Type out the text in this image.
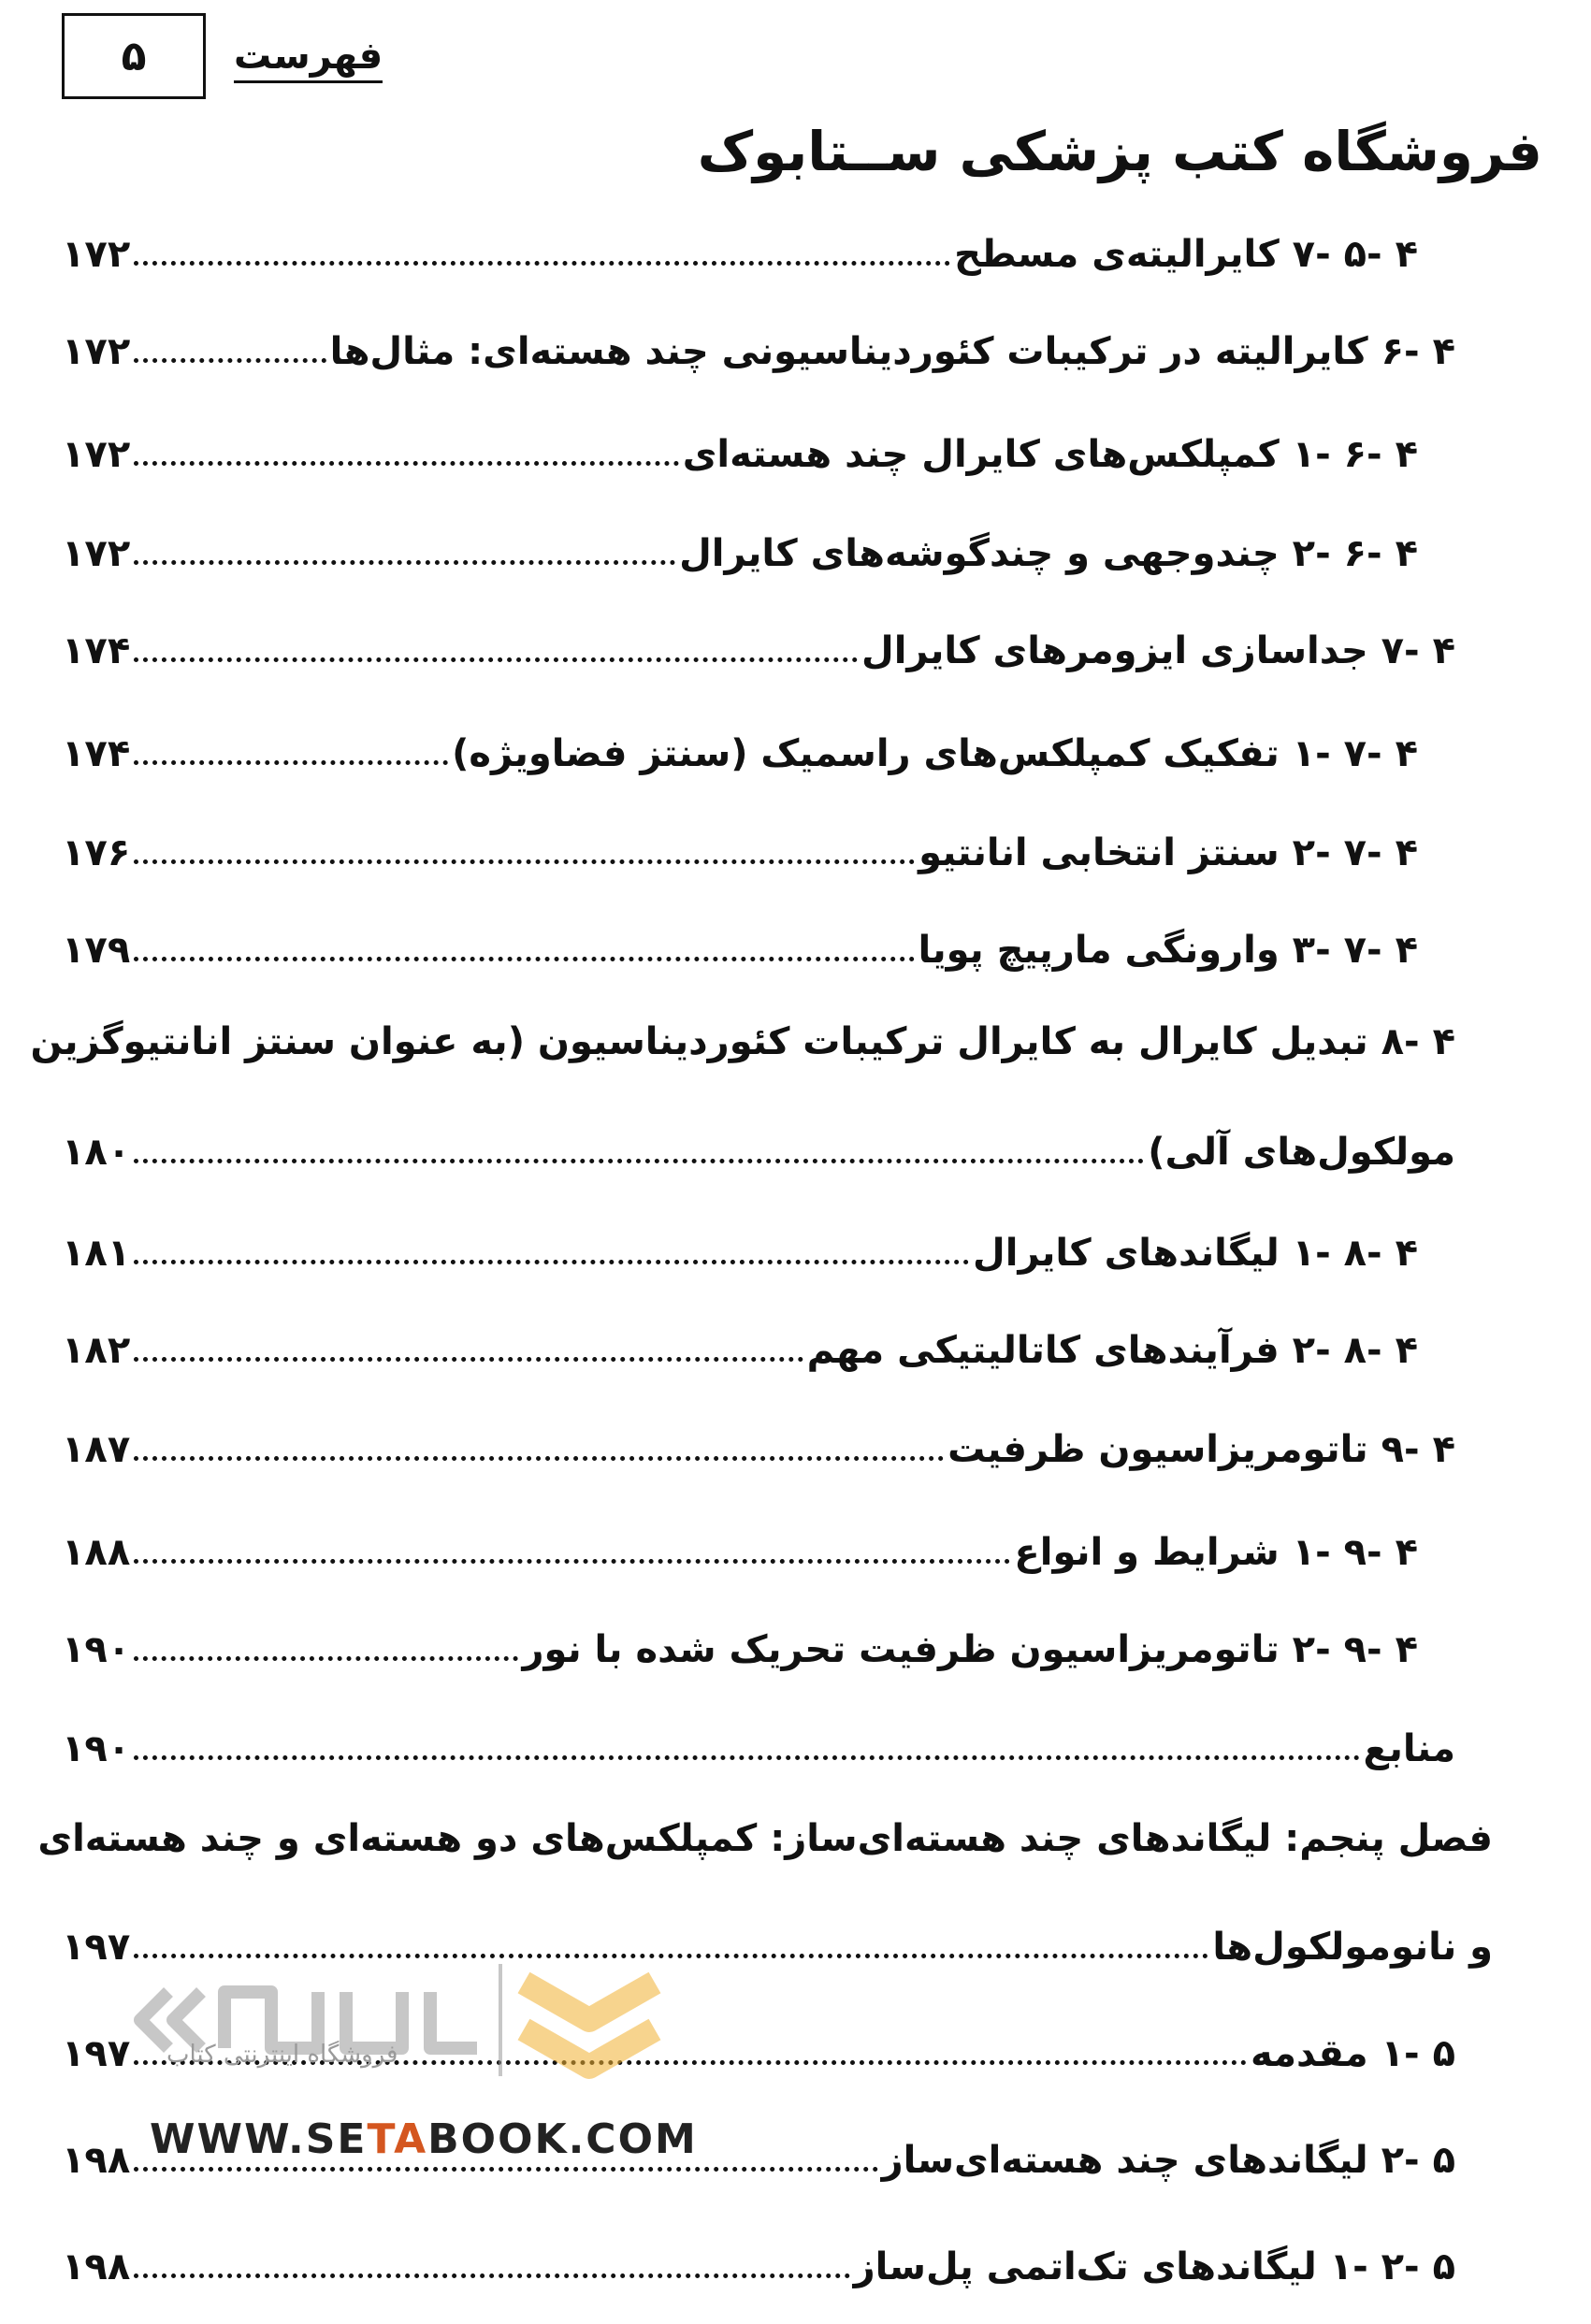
۵ فهرست
فروشگاه کتب پزشکی ســتابوک
۱۷۲	۴ -۵ -۷ کایرالیته‌ی مسطح
۱۷۲	۴ -۶ کایرالیته در ترکیبات کئوردیناسیونی چند هسته‌ای: مثال‌ها
۱۷۲	۴ -۶ -۱ کمپلکس‌های کایرال چند هسته‌ای
۱۷۲	۴ -۶ -۲ چندوجهی و چندگوشه‌های کایرال
۱۷۴	۴ -۷ جداسازی ایزومرهای کایرال
۱۷۴	۴ -۷ -۱ تفکیک کمپلکس‌های راسمیک (سنتز فضاویژه)
۱۷۶	۴ -۷ -۲ سنتز انتخابی انانتیو
۱۷۹	۴ -۷ -۳ وارونگی مارپیچ پویا
۴ -۸ تبدیل کایرال به کایرال ترکیبات کئوردیناسیون (به عنوان سنتز انانتیوگزین
۱۸۰	مولکول‌های آلی)
۱۸۱	۴ -۸ -۱ لیگاندهای کایرال
۱۸۲	۴ -۸ -۲ فرآیندهای کاتالیتیکی مهم
۱۸۷	۴ -۹ تاتومریزاسیون ظرفیت
۱۸۸	۴ -۹ -۱ شرایط و انواع
۱۹۰	۴ -۹ -۲ تاتومریزاسیون ظرفیت تحریک شده با نور
۱۹۰	منابع
فصل پنجم: لیگاندهای چند هسته‌ای‌ساز: کمپلکس‌های دو هسته‌ای و چند هسته‌ای
۱۹۷	و نانومولکول‌ها
۱۹۷	۵ -۱ مقدمه
۱۹۸	۵ -۲ لیگاندهای چند هسته‌ای‌ساز
۱۹۸	۵ -۲ -۱ لیگاندهای تک‌اتمی پل‌ساز
فروشگاه اینترنتی کتاب
WWW.SETABOOK.COM
